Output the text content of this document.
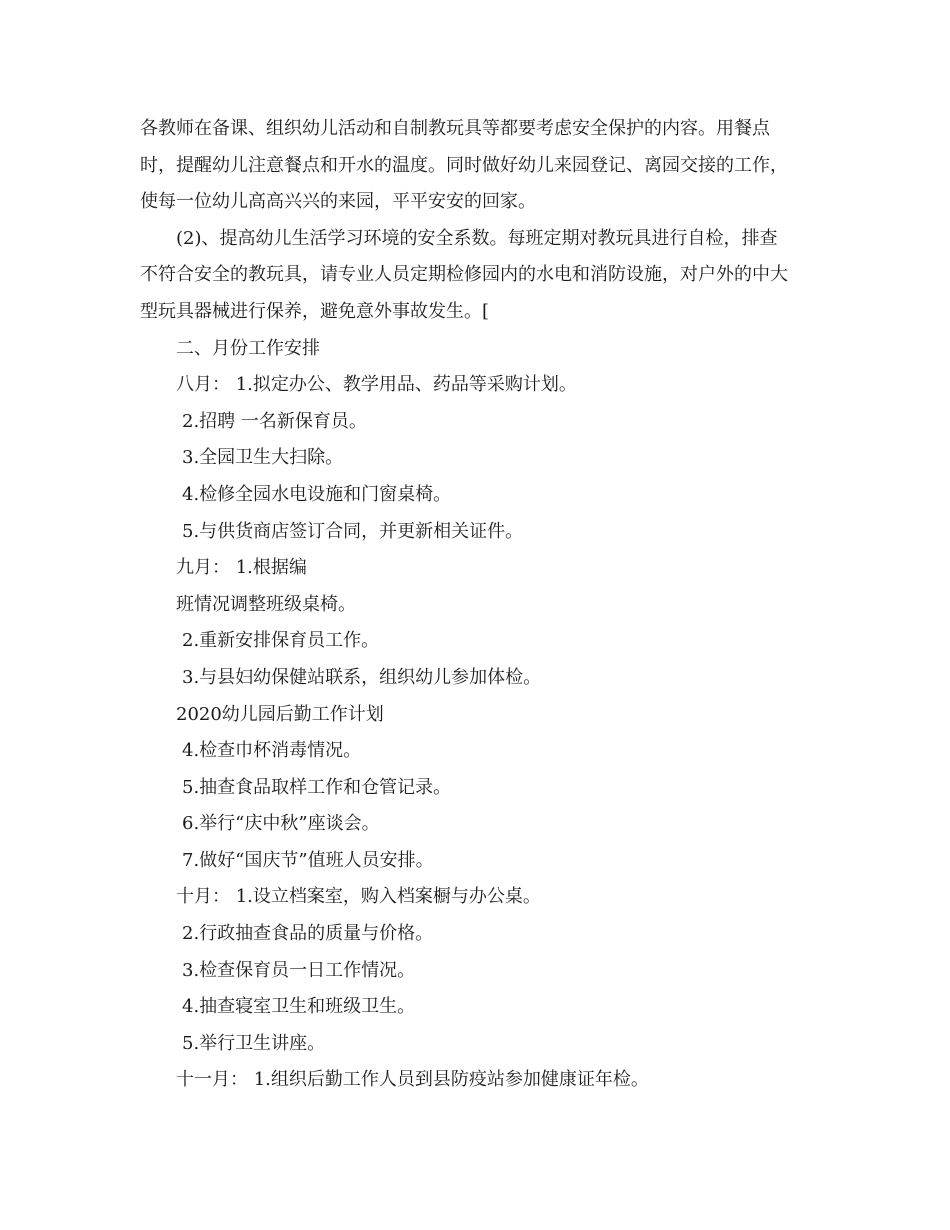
各教师在备课、组织幼儿活动和自制教玩具等都要考虑安全保护的内容。用餐点
时，提醒幼儿注意餐点和开水的温度。同时做好幼儿来园登记、离园交接的工作，
使每一位幼儿高高兴兴的来园，平平安安的回家。
(2)、提高幼儿生活学习环境的安全系数。每班定期对教玩具进行自检，排查
不符合安全的教玩具，请专业人员定期检修园内的水电和消防设施，对户外的中大
型玩具器械进行保养，避免意外事故发生。[
二、月份工作安排
八月： 1.拟定办公、教学用品、药品等采购计划。
2.招聘 一名新保育员。
3.全园卫生大扫除。
4.检修全园水电设施和门窗桌椅。
5.与供货商店签订合同，并更新相关证件。
九月： 1.根据编
班情况调整班级桌椅。
2.重新安排保育员工作。
3.与县妇幼保健站联系，组织幼儿参加体检。
2020幼儿园后勤工作计划
4.检查巾杯消毒情况。
5.抽查食品取样工作和仓管记录。
6.举行“庆中秋”座谈会。
7.做好“国庆节”值班人员安排。
十月： 1.设立档案室，购入档案橱与办公桌。
2.行政抽查食品的质量与价格。
3.检查保育员一日工作情况。
4.抽查寝室卫生和班级卫生。
5.举行卫生讲座。
十一月： 1.组织后勤工作人员到县防疫站参加健康证年检。
